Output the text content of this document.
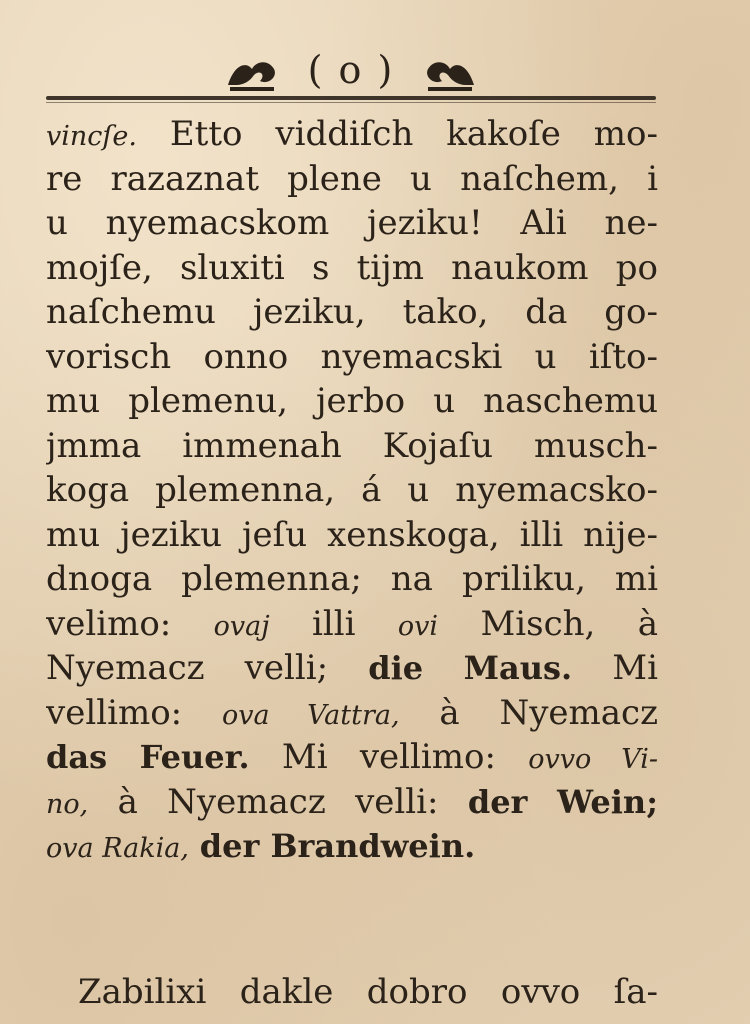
( o )
vincſe. Etto viddiſch kakoſe mo-
re razaznat plene u naſchem, i
u nyemacskom jeziku! Ali ne-
mojſe, sluxiti s tijm naukom po
naſchemu jeziku, tako, da go-
vorisch onno nyemacski u iſto-
mu plemenu, jerbo u naschemu
jmma immenah Kojaſu musch-
koga plemenna, á u nyemacsko-
mu jeziku jeſu xenskoga, illi nije-
dnoga plemenna; na priliku, mi
velimo: ovaj illi ovi Misch, à
Nyemacz velli; die Maus. Mi
vellimo: ova Vattra, à Nyemacz
das Feuer. Mi vellimo: ovvo Vi-
no, à Nyemacz velli: der Wein;
ova Rakia, der Brandwein.
Zabilixi dakle dobro ovvo ſa-
